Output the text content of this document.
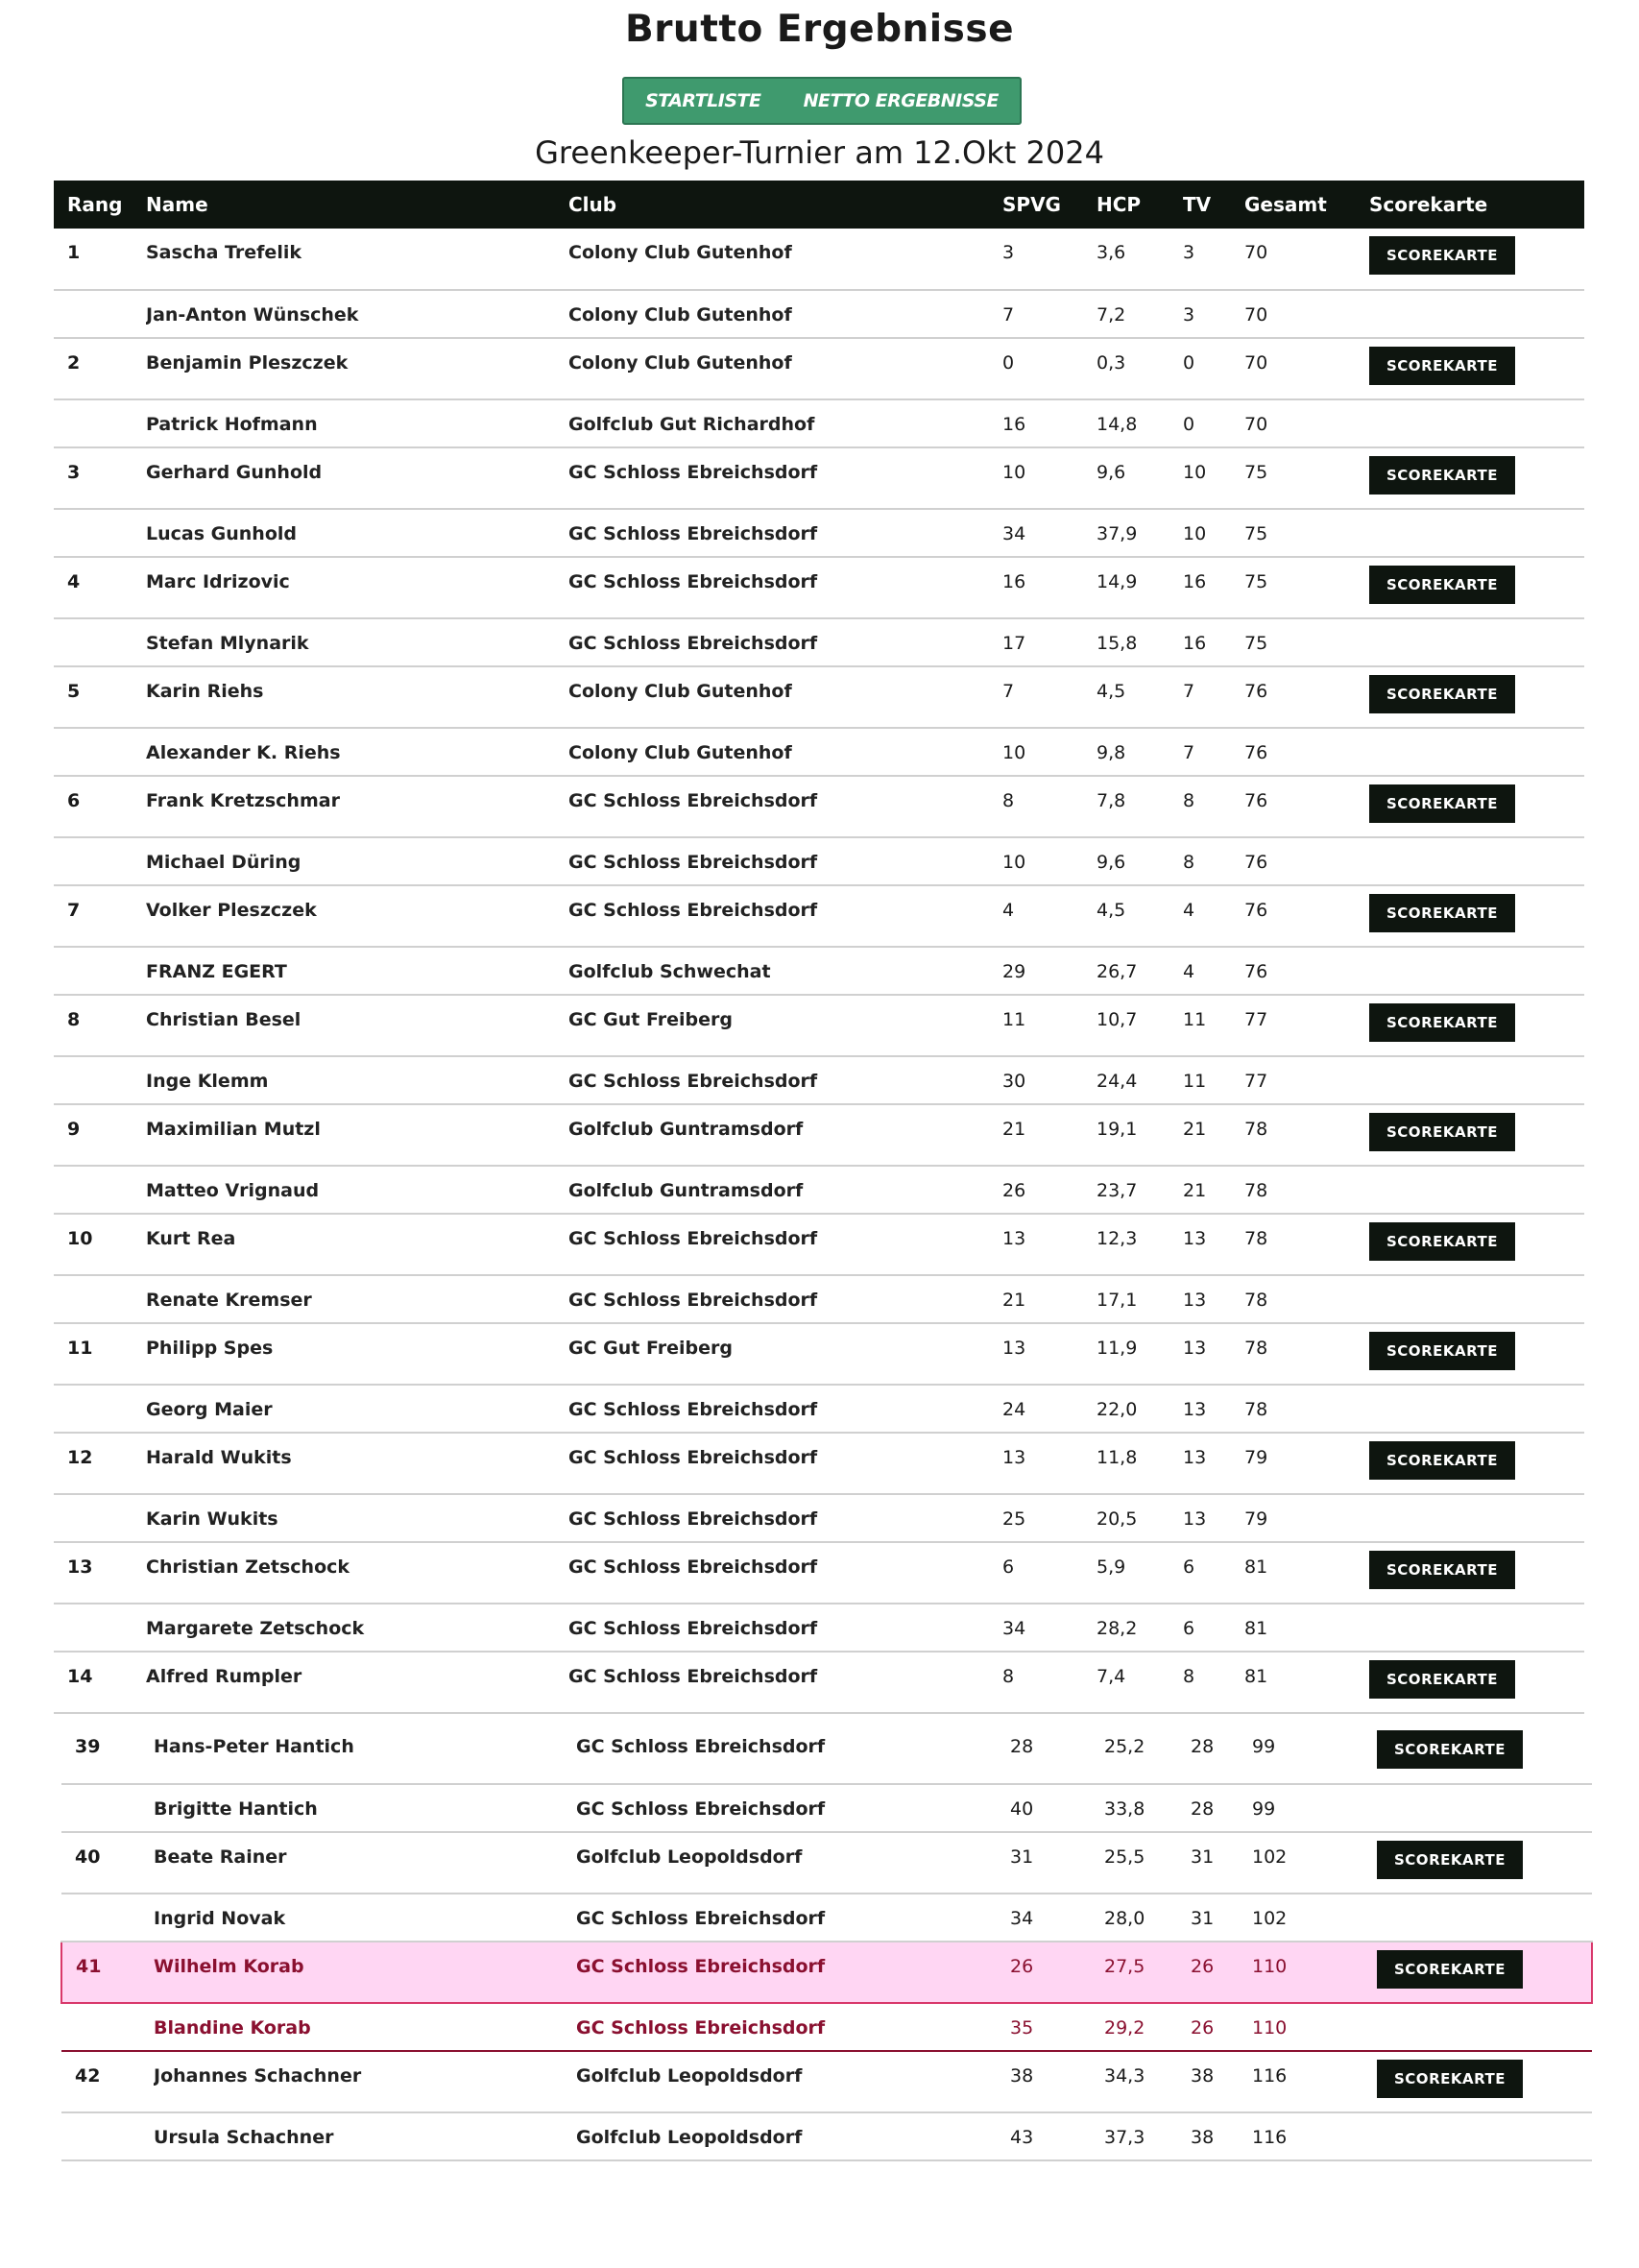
Brutto Ergebnisse
STARTLISTE NETTO ERGEBNISSE
Greenkeeper-Turnier am 12.Okt 2024
Rang	Name	Club	SPVG	HCP	TV	Gesamt	Scorekarte
1	Sascha Trefelik	Colony Club Gutenhof	3	3,6	3	70	SCOREKARTE
	Jan-Anton Wünschek	Colony Club Gutenhof	7	7,2	3	70	
2	Benjamin Pleszczek	Colony Club Gutenhof	0	0,3	0	70	SCOREKARTE
	Patrick Hofmann	Golfclub Gut Richardhof	16	14,8	0	70	
3	Gerhard Gunhold	GC Schloss Ebreichsdorf	10	9,6	10	75	SCOREKARTE
	Lucas Gunhold	GC Schloss Ebreichsdorf	34	37,9	10	75	
4	Marc Idrizovic	GC Schloss Ebreichsdorf	16	14,9	16	75	SCOREKARTE
	Stefan Mlynarik	GC Schloss Ebreichsdorf	17	15,8	16	75	
5	Karin Riehs	Colony Club Gutenhof	7	4,5	7	76	SCOREKARTE
	Alexander K. Riehs	Colony Club Gutenhof	10	9,8	7	76	
6	Frank Kretzschmar	GC Schloss Ebreichsdorf	8	7,8	8	76	SCOREKARTE
	Michael Düring	GC Schloss Ebreichsdorf	10	9,6	8	76	
7	Volker Pleszczek	GC Schloss Ebreichsdorf	4	4,5	4	76	SCOREKARTE
	FRANZ EGERT	Golfclub Schwechat	29	26,7	4	76	
8	Christian Besel	GC Gut Freiberg	11	10,7	11	77	SCOREKARTE
	Inge Klemm	GC Schloss Ebreichsdorf	30	24,4	11	77	
9	Maximilian Mutzl	Golfclub Guntramsdorf	21	19,1	21	78	SCOREKARTE
	Matteo Vrignaud	Golfclub Guntramsdorf	26	23,7	21	78	
10	Kurt Rea	GC Schloss Ebreichsdorf	13	12,3	13	78	SCOREKARTE
	Renate Kremser	GC Schloss Ebreichsdorf	21	17,1	13	78	
11	Philipp Spes	GC Gut Freiberg	13	11,9	13	78	SCOREKARTE
	Georg Maier	GC Schloss Ebreichsdorf	24	22,0	13	78	
12	Harald Wukits	GC Schloss Ebreichsdorf	13	11,8	13	79	SCOREKARTE
	Karin Wukits	GC Schloss Ebreichsdorf	25	20,5	13	79	
13	Christian Zetschock	GC Schloss Ebreichsdorf	6	5,9	6	81	SCOREKARTE
	Margarete Zetschock	GC Schloss Ebreichsdorf	34	28,2	6	81	
14	Alfred Rumpler	GC Schloss Ebreichsdorf	8	7,4	8	81	SCOREKARTE
39	Hans-Peter Hantich	GC Schloss Ebreichsdorf	28	25,2	28	99	SCOREKARTE
	Brigitte Hantich	GC Schloss Ebreichsdorf	40	33,8	28	99	
40	Beate Rainer	Golfclub Leopoldsdorf	31	25,5	31	102	SCOREKARTE
	Ingrid Novak	GC Schloss Ebreichsdorf	34	28,0	31	102	
41	Wilhelm Korab	GC Schloss Ebreichsdorf	26	27,5	26	110	SCOREKARTE
	Blandine Korab	GC Schloss Ebreichsdorf	35	29,2	26	110	
42	Johannes Schachner	Golfclub Leopoldsdorf	38	34,3	38	116	SCOREKARTE
	Ursula Schachner	Golfclub Leopoldsdorf	43	37,3	38	116	
